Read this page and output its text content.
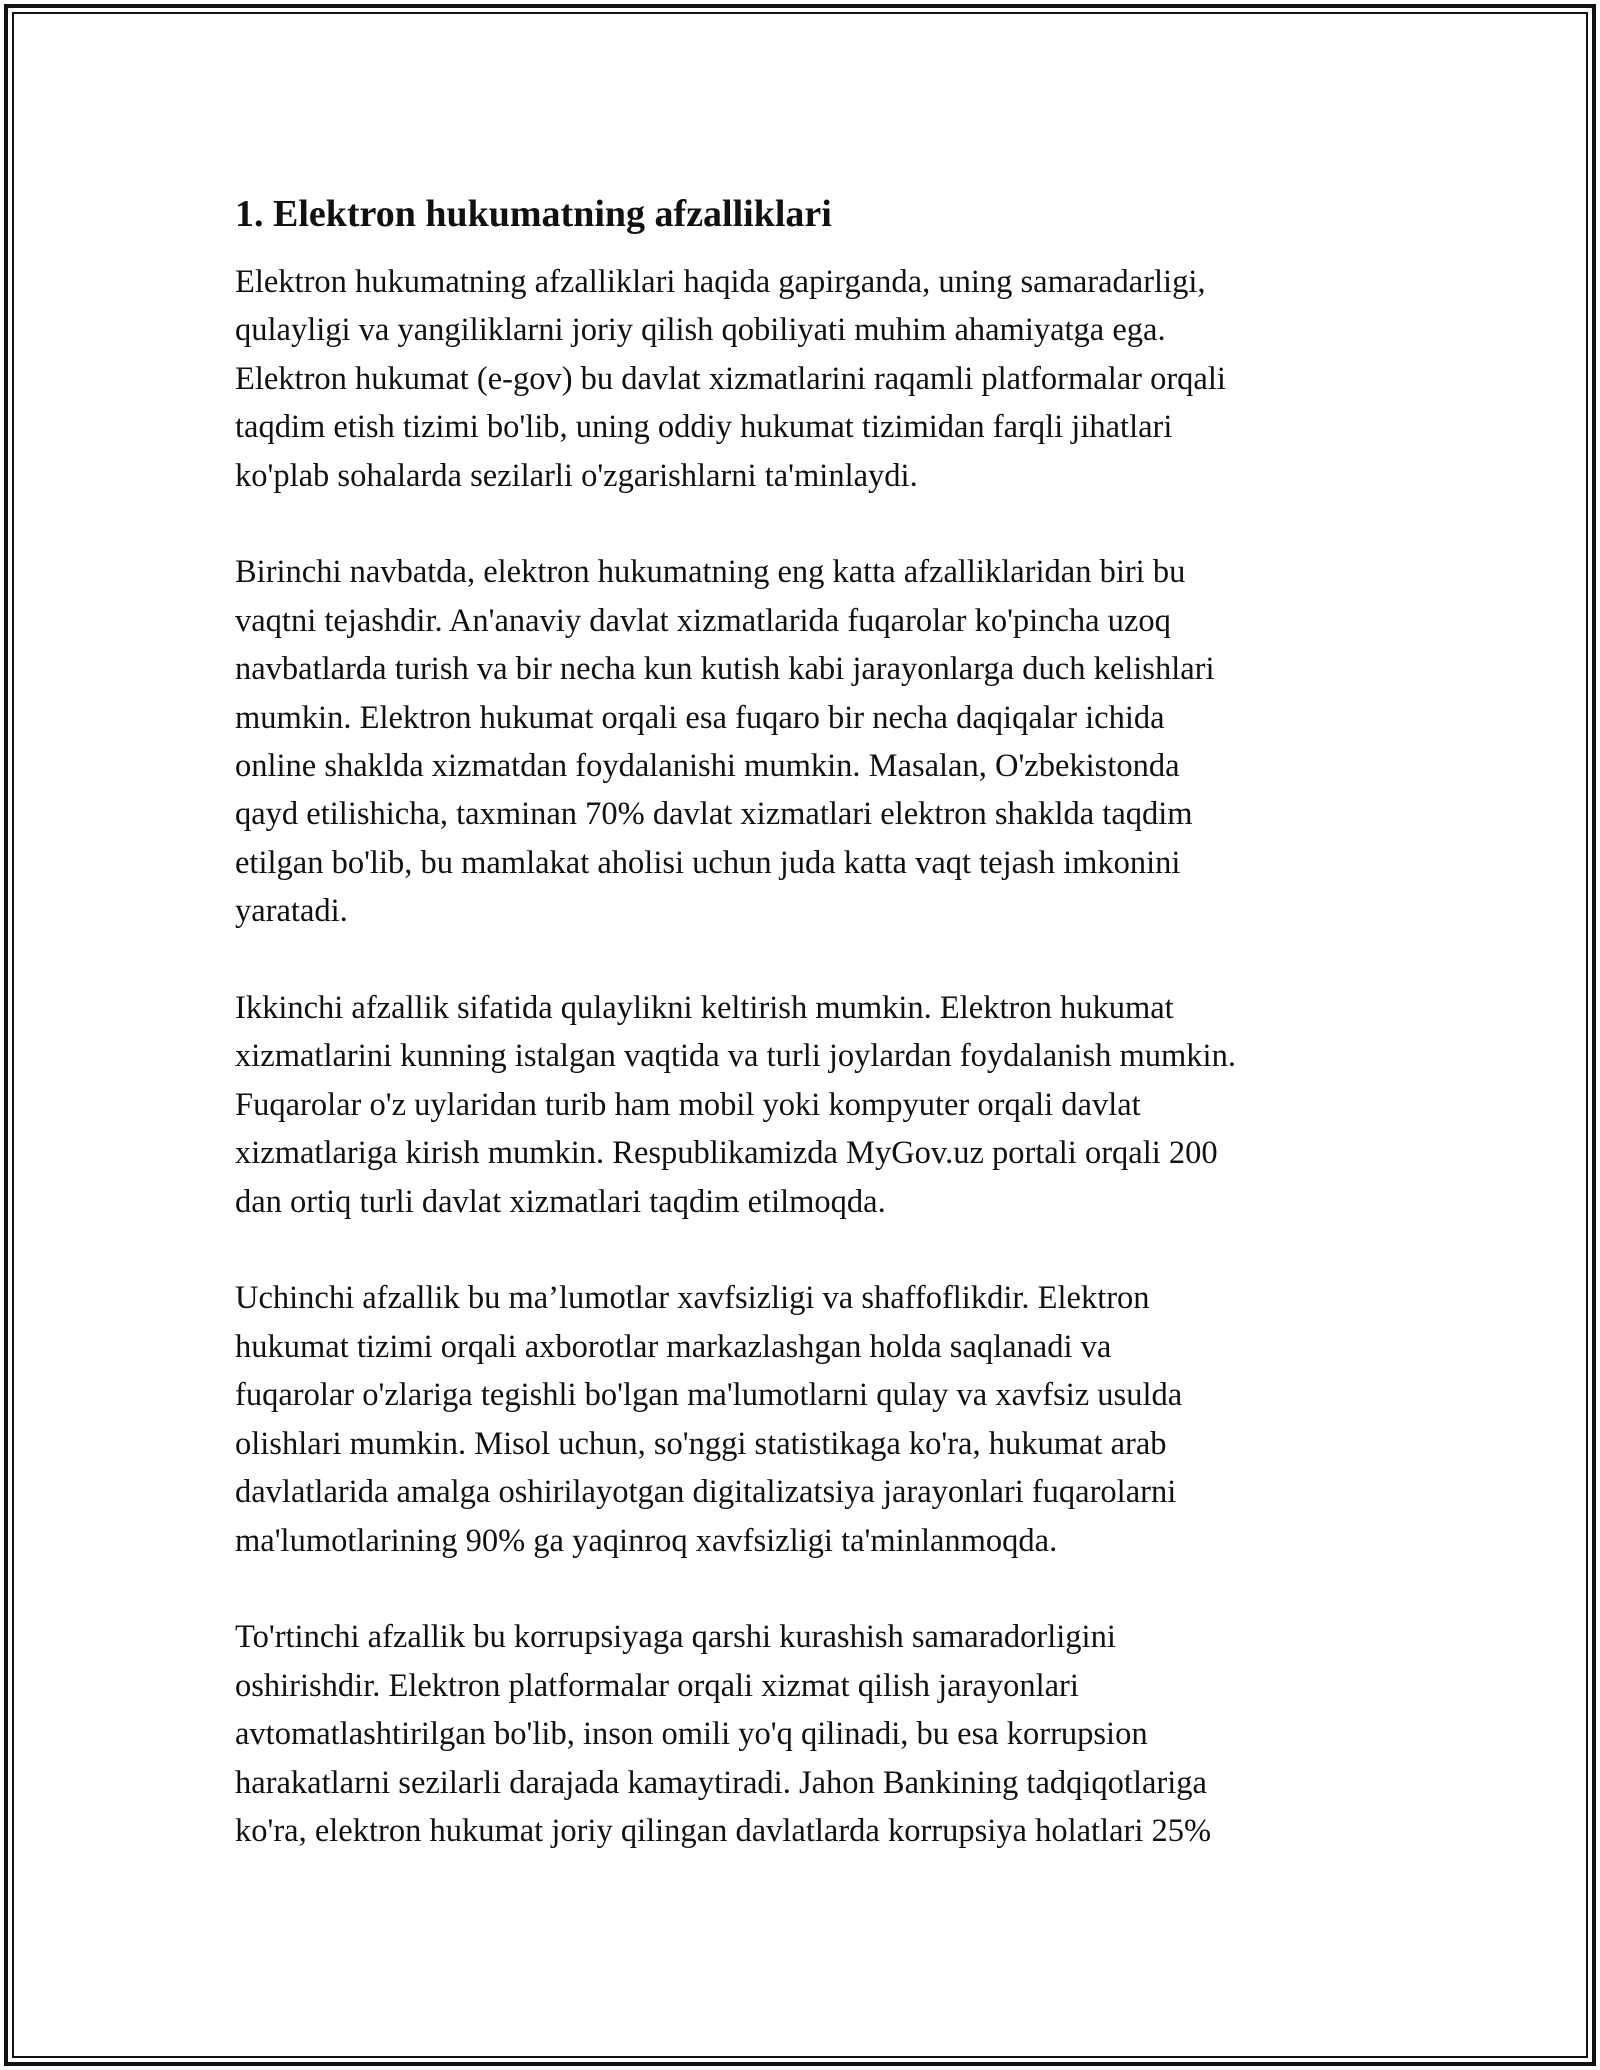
1. Elektron hukumatning afzalliklari

Elektron hukumatning afzalliklari haqida gapirganda, uning samaradarligi,
qulayligi va yangiliklarni joriy qilish qobiliyati muhim ahamiyatga ega.
Elektron hukumat (e-gov) bu davlat xizmatlarini raqamli platformalar orqali
taqdim etish tizimi bo'lib, uning oddiy hukumat tizimidan farqli jihatlari
ko'plab sohalarda sezilarli o'zgarishlarni ta'minlaydi.

Birinchi navbatda, elektron hukumatning eng katta afzalliklaridan biri bu
vaqtni tejashdir. An'anaviy davlat xizmatlarida fuqarolar ko'pincha uzoq
navbatlarda turish va bir necha kun kutish kabi jarayonlarga duch kelishlari
mumkin. Elektron hukumat orqali esa fuqaro bir necha daqiqalar ichida
online shaklda xizmatdan foydalanishi mumkin. Masalan, O'zbekistonda
qayd etilishicha, taxminan 70% davlat xizmatlari elektron shaklda taqdim
etilgan bo'lib, bu mamlakat aholisi uchun juda katta vaqt tejash imkonini
yaratadi.

Ikkinchi afzallik sifatida qulaylikni keltirish mumkin. Elektron hukumat
xizmatlarini kunning istalgan vaqtida va turli joylardan foydalanish mumkin.
Fuqarolar o'z uylaridan turib ham mobil yoki kompyuter orqali davlat
xizmatlariga kirish mumkin. Respublikamizda MyGov.uz portali orqali 200
dan ortiq turli davlat xizmatlari taqdim etilmoqda.

Uchinchi afzallik bu ma’lumotlar xavfsizligi va shaffoflikdir. Elektron
hukumat tizimi orqali axborotlar markazlashgan holda saqlanadi va
fuqarolar o'zlariga tegishli bo'lgan ma'lumotlarni qulay va xavfsiz usulda
olishlari mumkin. Misol uchun, so'nggi statistikaga ko'ra, hukumat arab
davlatlarida amalga oshirilayotgan digitalizatsiya jarayonlari fuqarolarni
ma'lumotlarining 90% ga yaqinroq xavfsizligi ta'minlanmoqda.

To'rtinchi afzallik bu korrupsiyaga qarshi kurashish samaradorligini
oshirishdir. Elektron platformalar orqali xizmat qilish jarayonlari
avtomatlashtirilgan bo'lib, inson omili yo'q qilinadi, bu esa korrupsion
harakatlarni sezilarli darajada kamaytiradi. Jahon Bankining tadqiqotlariga
ko'ra, elektron hukumat joriy qilingan davlatlarda korrupsiya holatlari 25%
